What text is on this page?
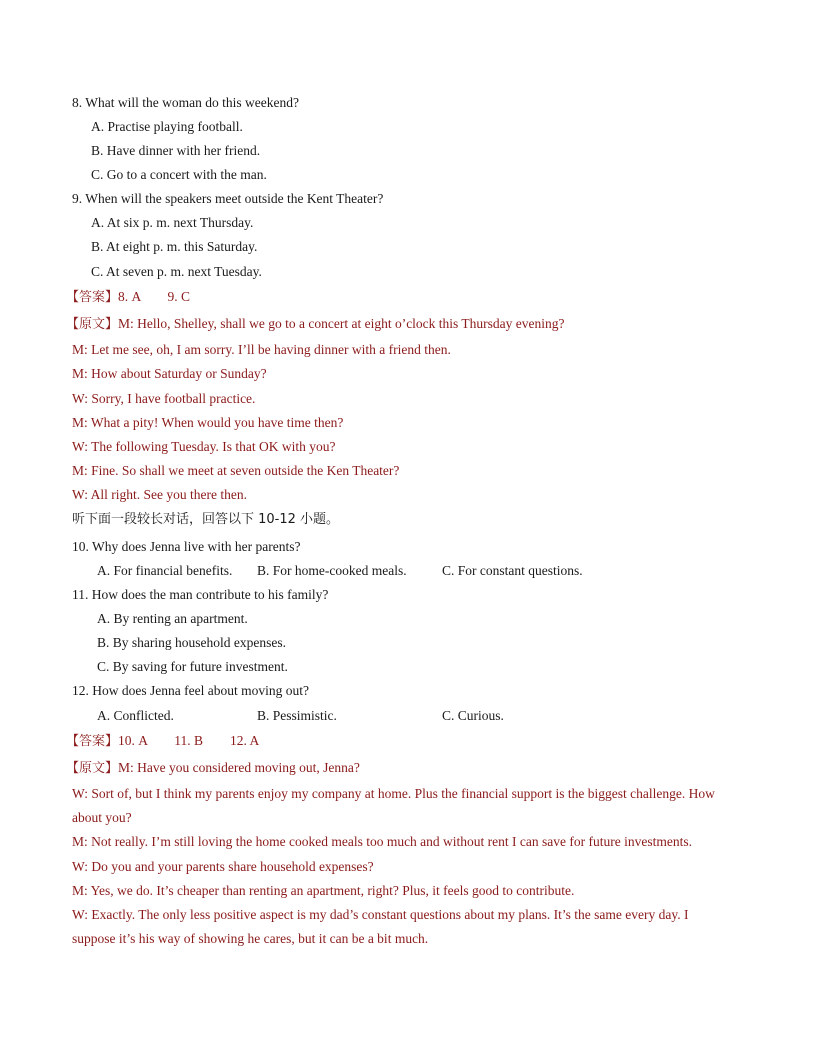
8. What will the woman do this weekend?
A. Practise playing football.
B. Have dinner with her friend.
C. Go to a concert with the man.
9. When will the speakers meet outside the Kent Theater?
A. At six p. m. next Thursday.
B. At eight p. m. this Saturday.
C. At seven p. m. next Tuesday.
【答案】8. A        9. C
【原文】M: Hello, Shelley, shall we go to a concert at eight o’clock this Thursday evening?
M: Let me see, oh, I am sorry. I’ll be having dinner with a friend then.
M: How about Saturday or Sunday?
W: Sorry, I have football practice.
M: What a pity! When would you have time then?
W: The following Tuesday. Is that OK with you?
M: Fine. So shall we meet at seven outside the Ken Theater?
W: All right. See you there then.
听下面一段较长对话，回答以下 10-12 小题。
10. Why does Jenna live with her parents?
A. For financial benefits. B. For home-cooked meals.	C. For constant questions.
11. How does the man contribute to his family?
A. By renting an apartment.
B. By sharing household expenses.
C. By saving for future investment.
12. How does Jenna feel about moving out?
A. Conflicted.	B. Pessimistic.	C. Curious.
【答案】10. A        11. B        12. A
【原文】M: Have you considered moving out, Jenna?
W: Sort of, but I think my parents enjoy my company at home. Plus the financial support is the biggest challenge. How
about you?
M: Not really. I’m still loving the home cooked meals too much and without rent I can save for future investments.
W: Do you and your parents share household expenses?
M: Yes, we do. It’s cheaper than renting an apartment, right? Plus, it feels good to contribute.
W: Exactly. The only less positive aspect is my dad’s constant questions about my plans. It’s the same every day. I
suppose it’s his way of showing he cares, but it can be a bit much.
